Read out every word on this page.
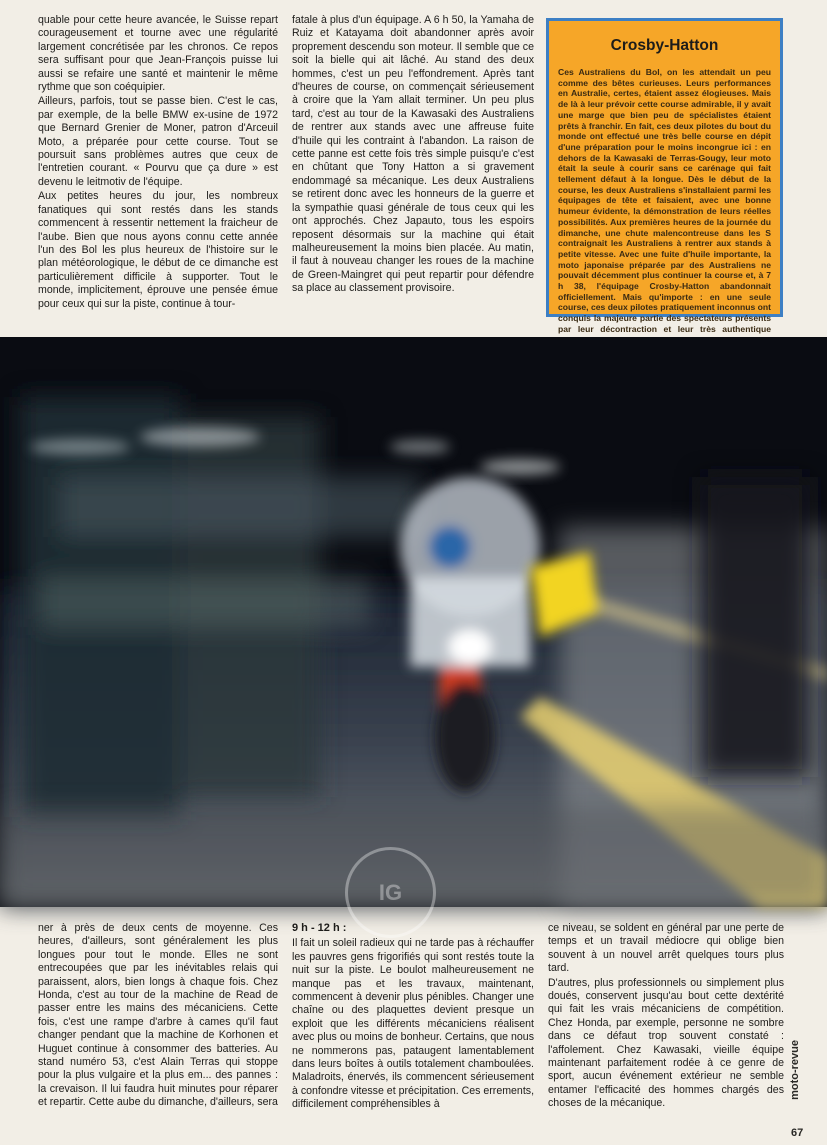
quable pour cette heure avancée, le Suisse repart courageusement et tourne avec une régularité largement concrétisée par les chronos. Ce repos sera suffisant pour que Jean-François puisse lui aussi se refaire une santé et maintenir le même rythme que son coéquipier.

Ailleurs, parfois, tout se passe bien. C'est le cas, par exemple, de la belle BMW ex-usine de 1972 que Bernard Grenier de Moner, patron d'Arceuil Moto, a préparée pour cette course. Tout se poursuit sans problèmes autres que ceux de l'entretien courant. « Pourvu que ça dure » est devenu le leitmotiv de l'équipe.

Aux petites heures du jour, les nombreux fanatiques qui sont restés dans les stands commencent à ressentir nettement la fraicheur de l'aube. Bien que nous ayons connu cette année l'un des Bol les plus heureux de l'histoire sur le plan météorologique, le début de ce dimanche est particulièrement difficile à supporter. Tout le monde, implicitement, éprouve une pensée émue pour ceux qui sur la piste, continue à tour-

fatale à plus d'un équipage. A 6 h 50, la Yamaha de Ruiz et Katayama doit abandonner après avoir proprement descendu son moteur. Il semble que ce soit la bielle qui ait lâché. Au stand des deux hommes, c'est un peu l'effondrement. Après tant d'heures de course, on commençait sérieusement à croire que la Yam allait terminer. Un peu plus tard, c'est au tour de la Kawasaki des Australiens de rentrer aux stands avec une affreuse fuite d'huile qui les contraint à l'abandon. La raison de cette panne est cette fois très simple puisqu'e c'est en chûtant que Tony Hatton a si gravement endommagé sa mécanique. Les deux Australiens se retirent donc avec les honneurs de la guerre et la sympathie quasi générale de tous ceux qui les ont approchés. Chez Japauto, tous les espoirs reposent désormais sur la machine qui était malheureusement la moins bien placée. Au matin, il faut à nouveau changer les roues de la machine de Green-Maingret qui peut repartir pour défendre sa place au classement provisoire.

Crosby-Hatton
Ces Australiens du Bol, on les attendait un peu comme des bêtes curieuses. Leurs performances en Australie, certes, étaient assez élogieuses. Mais de là à leur prévoir cette course admirable, il y avait une marge que bien peu de spécialistes étaient prêts à franchir. En fait, ces deux pilotes du bout du monde ont effectué une très belle course en dépit d'une préparation pour le moins incongrue ici : en dehors de la Kawasaki de Terras-Gougy, leur moto était la seule à courir sans ce carénage qui fait tellement défaut à la longue. Dès le début de la course, les deux Australiens s'installaient parmi les équipages de tête et faisaient, avec une bonne humeur évidente, la démonstration de leurs réelles possibilités. Aux premières heures de la journée du dimanche, une chute malencontreuse dans les S contraignait les Australiens à rentrer aux stands à petite vitesse. Avec une fuite d'huile importante, la moto japonaise préparée par des Australiens ne pouvait décemment plus continuer la course et, à 7 h 38, l'équipage Crosby-Hatton abandonnait officiellement. Mais qu'importe : en une seule course, ces deux pilotes pratiquement inconnus ont conquis la majeure partie des spectateurs présents par leur décontraction et leur très authentique
IG

ner à près de deux cents de moyenne. Ces heures, d'ailleurs, sont généralement les plus longues pour tout le monde. Elles ne sont entrecoupées que par les inévitables relais qui paraissent, alors, bien longs à chaque fois. Chez Honda, c'est au tour de la machine de Read de passer entre les mains des mécaniciens. Cette fois, c'est une rampe d'arbre à cames qu'il faut changer pendant que la machine de Korhonen et Huguet continue à consommer des batteries. Au stand numéro 53, c'est Alain Terras qui stoppe pour la plus vulgaire et la plus em... des pannes : la crevaison. Il lui faudra huit minutes pour réparer et repartir. Cette aube du dimanche, d'ailleurs, sera

9 h - 12 h :

Il fait un soleil radieux qui ne tarde pas à réchauffer les pauvres gens frigorifiés qui sont restés toute la nuit sur la piste. Le boulot malheureusement ne manque pas et les travaux, maintenant, commencent à devenir plus pénibles. Changer une chaîne ou des plaquettes devient presque un exploit que les différents mécaniciens réalisent avec plus ou moins de bonheur. Certains, que nous ne nommerons pas, pataugent lamentablement dans leurs boîtes à outils totalement chamboulées. Maladroits, énervés, ils commencent sérieusement à confondre vitesse et précipitation. Ces errements, difficilement compréhensibles à

ce niveau, se soldent en général par une perte de temps et un travail médiocre qui oblige bien souvent à un nouvel arrêt quelques tours plus tard.

D'autres, plus professionnels ou simplement plus doués, conservent jusqu'au bout cette dextérité qui fait les vrais mécaniciens de compétition. Chez Honda, par exemple, personne ne sombre dans ce défaut trop souvent constaté : l'affolement. Chez Kawasaki, vieille équipe maintenant parfaitement rodée à ce genre de sport, aucun événement extérieur ne semble entamer l'efficacité des hommes chargés des choses de la mécanique.

moto-revue
67
